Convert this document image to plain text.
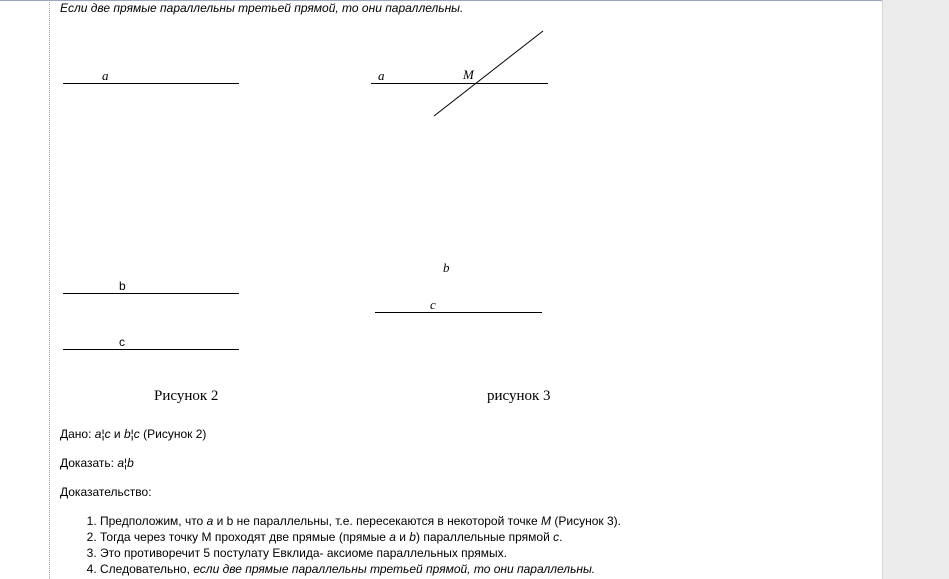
Если две прямые параллельны третьей прямой, то они параллельны.
a
b
c
Рисунок 2
a	M
b
c
рисунок 3
Дано: a¦c и b¦c (Рисунок 2)
Доказать: a¦b
Доказательство:
1. Предположим, что a и b не параллельны, т.е. пересекаются в некоторой точке M (Рисунок 3).
2. Тогда через точку М проходят две прямые (прямые a и b) параллельные прямой c.
3. Это противоречит 5 постулату Евклида- аксиоме параллельных прямых.
4. Следовательно, если две прямые параллельны третьей прямой, то они параллельны.
